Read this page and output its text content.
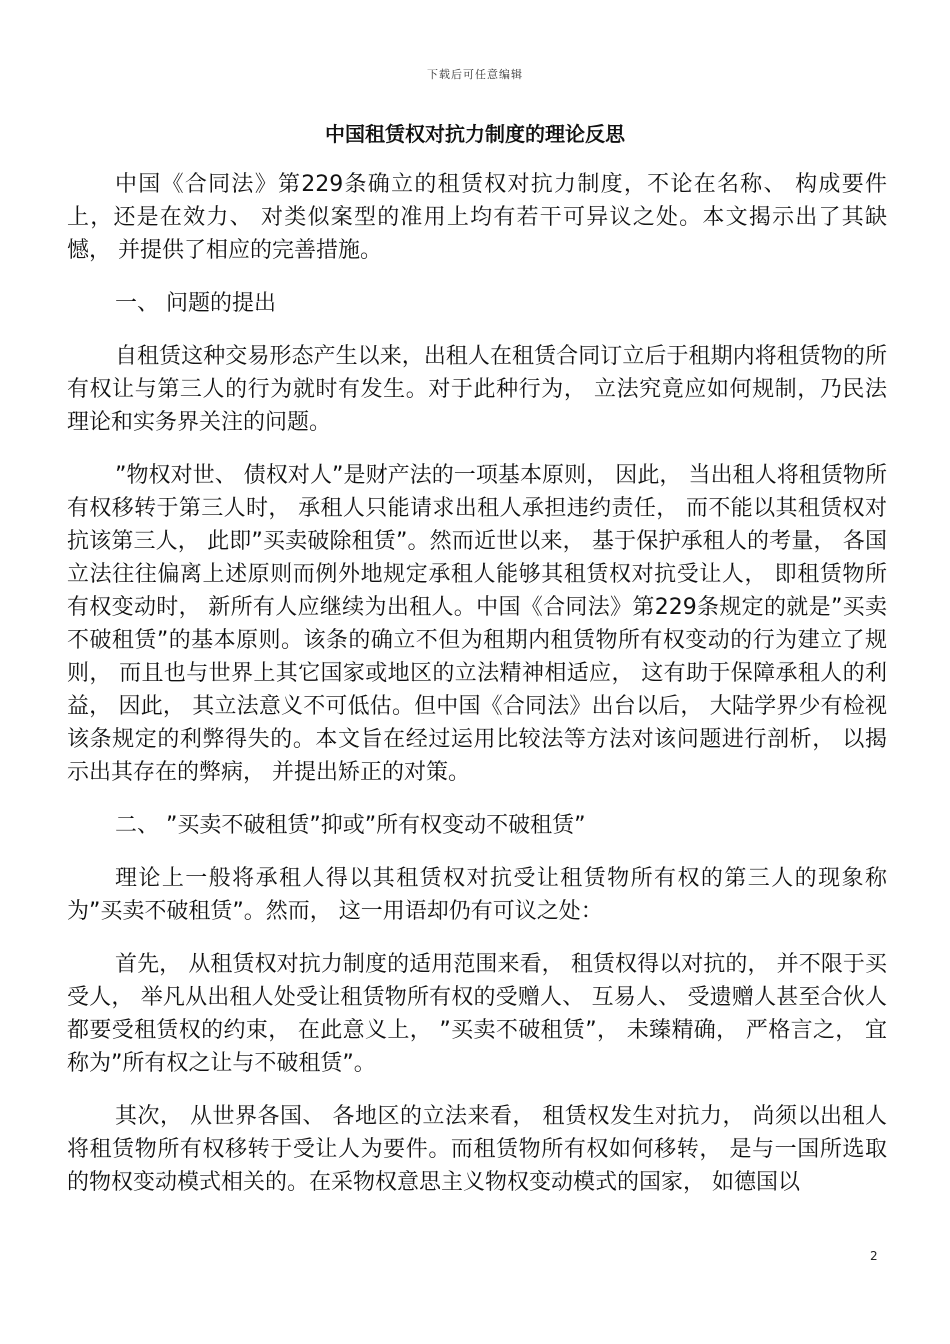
下载后可任意编辑
中国租赁权对抗力制度的理论反思

中国《合同法》第229条确立的租赁权对抗力制度，不论在名称、 构成要件上，还是在效力、 对类似案型的准用上均有若干可异议之处。本文揭示出了其缺憾， 并提供了相应的完善措施。

一、 问题的提出

自租赁这种交易形态产生以来，出租人在租赁合同订立后于租期内将租赁物的所有权让与第三人的行为就时有发生。对于此种行为， 立法究竟应如何规制，乃民法理论和实务界关注的问题。

”物权对世、 债权对人”是财产法的一项基本原则， 因此， 当出租人将租赁物所有权移转于第三人时， 承租人只能请求出租人承担违约责任， 而不能以其租赁权对抗该第三人， 此即”买卖破除租赁”。然而近世以来， 基于保护承租人的考量， 各国立法往往偏离上述原则而例外地规定承租人能够其租赁权对抗受让人， 即租赁物所有权变动时， 新所有人应继续为出租人。中国《合同法》第229条规定的就是”买卖不破租赁”的基本原则。该条的确立不但为租期内租赁物所有权变动的行为建立了规则， 而且也与世界上其它国家或地区的立法精神相适应， 这有助于保障承租人的利益， 因此， 其立法意义不可低估。但中国《合同法》出台以后， 大陆学界少有检视该条规定的利弊得失的。本文旨在经过运用比较法等方法对该问题进行剖析， 以揭示出其存在的弊病， 并提出矫正的对策。

二、 ”买卖不破租赁”抑或”所有权变动不破租赁”

理论上一般将承租人得以其租赁权对抗受让租赁物所有权的第三人的现象称为”买卖不破租赁”。然而， 这一用语却仍有可议之处：

首先， 从租赁权对抗力制度的适用范围来看， 租赁权得以对抗的， 并不限于买受人， 举凡从出租人处受让租赁物所有权的受赠人、 互易人、 受遗赠人甚至合伙人都要受租赁权的约束， 在此意义上， ”买卖不破租赁”， 未臻精确， 严格言之， 宜称为”所有权之让与不破租赁”。

其次， 从世界各国、 各地区的立法来看， 租赁权发生对抗力， 尚须以出租人将租赁物所有权移转于受让人为要件。而租赁物所有权如何移转， 是与一国所选取的物权变动模式相关的。在采物权意思主义物权变动模式的国家， 如德国以

2
